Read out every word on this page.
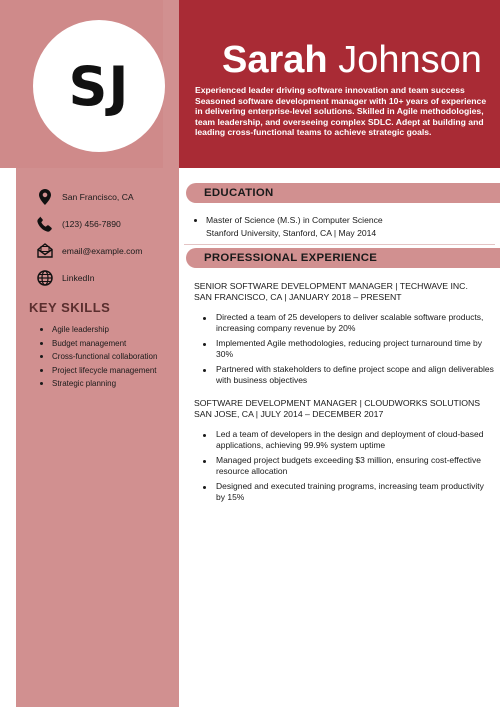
SJ Sarah Johnson
Experienced leader driving software innovation and team success Seasoned software development manager with 10+ years of experience in delivering enterprise-level solutions. Skilled in Agile methodologies, team leadership, and overseeing complex SDLC. Adept at building and leading cross-functional teams to achieve strategic goals.
San Francisco, CA
(123) 456-7890
email@example.com
LinkedIn
KEY SKILLS
Agile leadership
Budget management
Cross-functional collaboration
Project lifecycle management
Strategic planning
EDUCATION
Master of Science (M.S.) in Computer Science
Stanford University, Stanford, CA | May 2014
PROFESSIONAL EXPERIENCE
SENIOR SOFTWARE DEVELOPMENT MANAGER | TECHWAVE INC.
SAN FRANCISCO, CA | JANUARY 2018 – PRESENT
Directed a team of 25 developers to deliver scalable software products, increasing company revenue by 20%
Implemented Agile methodologies, reducing project turnaround time by 30%
Partnered with stakeholders to define project scope and align deliverables with business objectives
SOFTWARE DEVELOPMENT MANAGER | CLOUDWORKS SOLUTIONS
SAN JOSE, CA | JULY 2014 – DECEMBER 2017
Led a team of developers in the design and deployment of cloud-based applications, achieving 99.9% system uptime
Managed project budgets exceeding $3 million, ensuring cost-effective resource allocation
Designed and executed training programs, increasing team productivity by 15%
